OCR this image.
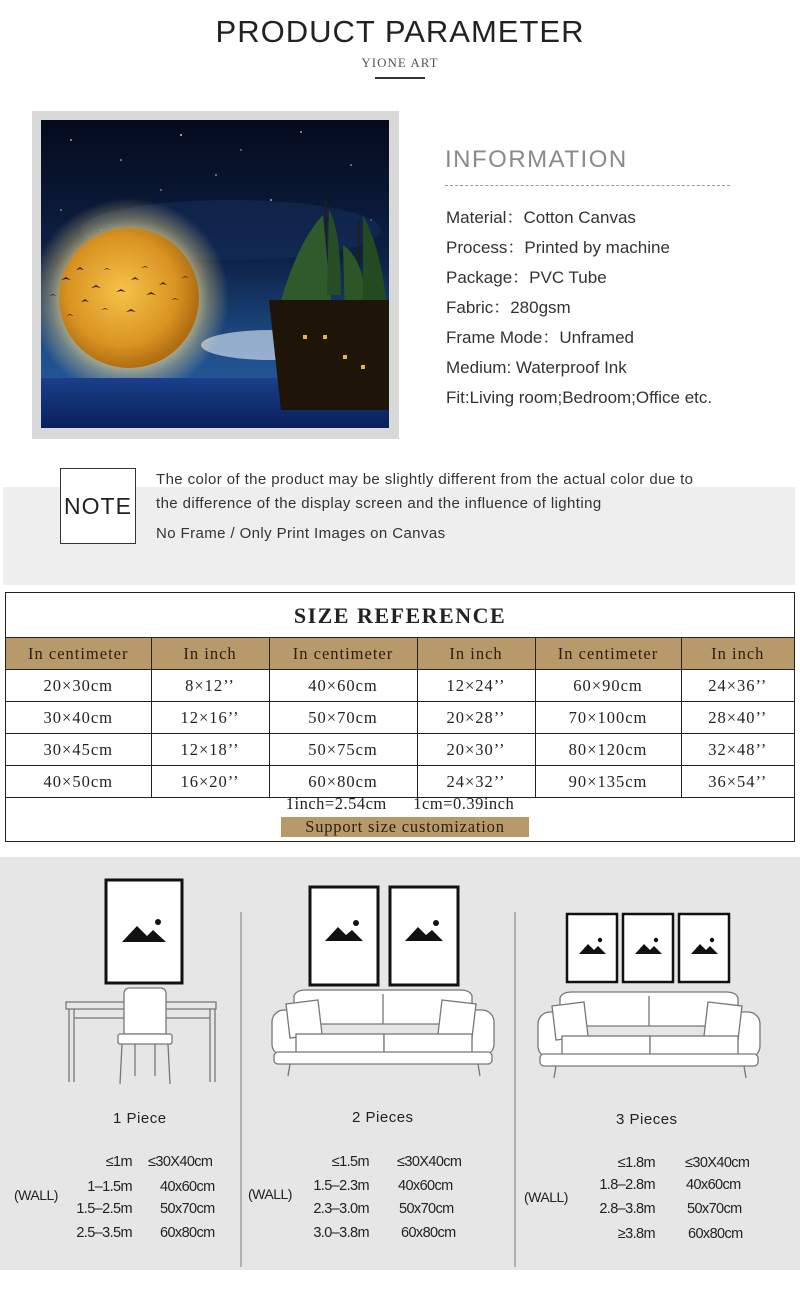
PRODUCT PARAMETER
YIONE ART
INFORMATION
Material：Cotton Canvas
Process：Printed by machine
Package：PVC Tube
Fabric：280gsm
Frame Mode：Unframed
Medium: Waterproof Ink
Fit:Living room;Bedroom;Office etc.
NOTE
The color of the product may be slightly different from the actual color due to
the difference of the display screen and the influence of lighting
No Frame / Only Print Images on Canvas
SIZE REFERENCE
In centimeter	In inch	In centimeter	In inch	In centimeter	In inch
20×30cm	8×12’’	40×60cm	12×24’’	60×90cm	24×36’’
30×40cm	12×16’’	50×70cm	20×28’’	70×100cm	28×40’’
30×45cm	12×18’’	50×75cm	20×30’’	80×120cm	32×48’’
40×50cm	16×20’’	60×80cm	24×32’’	90×135cm	36×54’’
1inch=2.54cm    1cm=0.39inch
Support size customization
1 Piece	2 Pieces	3 Pieces
(WALL)	(WALL)	(WALL)
≤1m ≤30X40cm
1–1.5m 40x60cm
1.5–2.5m 50x70cm
2.5–3.5m 60x80cm
≤1.5m ≤30X40cm
1.5–2.3m 40x60cm
2.3–3.0m 50x70cm
3.0–3.8m 60x80cm
≤1.8m ≤30X40cm
1.8–2.8m 40x60cm
2.8–3.8m 50x70cm
≥3.8m 60x80cm
